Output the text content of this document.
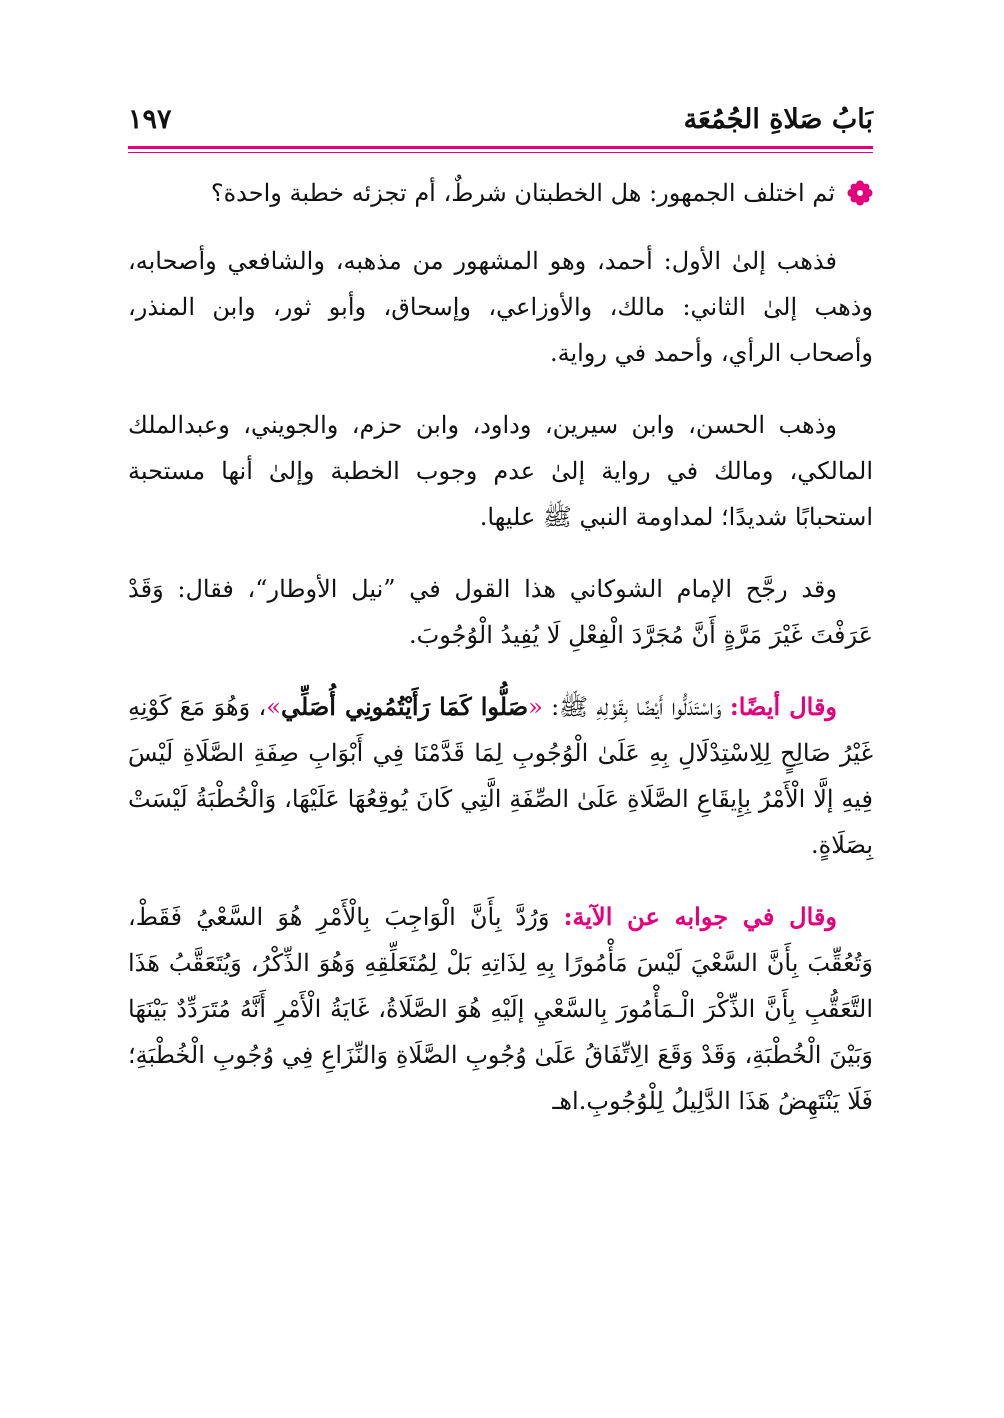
بَابُ صَلاةِ الجُمُعَة
١٩٧

ثم اختلف الجمهور: هل الخطبتان شرطٌ، أم تجزئه خطبة واحدة؟

فذهب إلىٰ الأول: أحمد، وهو المشهور من مذهبه، والشافعي وأصحابه، وذهب إلىٰ الثاني: مالك، والأوزاعي، وإسحاق، وأبو ثور، وابن المنذر، وأصحاب الرأي، وأحمد في رواية.

وذهب الحسن، وابن سيرين، وداود، وابن حزم، والجويني، وعبدالملك المالكي، ومالك في رواية إلىٰ عدم وجوب الخطبة وإلىٰ أنها مستحبة استحبابًا شديدًا؛ لمداومة النبي ﷺ عليها.

وقد رجَّح الإمام الشوكاني هذا القول في ”نيل الأوطار“، فقال: وَقَدْ عَرَفْتَ غَيْرَ مَرَّةٍ أَنَّ مُجَرَّدَ الْفِعْلِ لَا يُفِيدُ الْوُجُوبَ.

وقال أيضًا: وَاسْتَدَلُّوا أَيْضًا بِقَوْلِهِ ﷺ: «صَلُّوا كَمَا رَأَيْتُمُونِي أُصَلِّي»، وَهُوَ مَعَ كَوْنِهِ غَيْرُ صَالِحٍ لِلِاسْتِدْلَالِ بِهِ عَلَىٰ الْوُجُوبِ لِمَا قَدَّمْنَا فِي أَبْوَابِ صِفَةِ الصَّلَاةِ لَيْسَ فِيهِ إلَّا الْأَمْرُ بِإِيقَاعِ الصَّلَاةِ عَلَىٰ الصِّفَةِ الَّتِي كَانَ يُوقِعُهَا عَلَيْهَا، وَالْخُطْبَةُ لَيْسَتْ بِصَلَاةٍ.

وقال في جوابه عن الآية: وَرُدَّ بِأَنَّ الْوَاجِبَ بِالْأَمْرِ هُوَ السَّعْيُ فَقَطْ، وَتُعُقِّبَ بِأَنَّ السَّعْيَ لَيْسَ مَأْمُورًا بِهِ لِذَاتِهِ بَلْ لِمُتَعَلِّقِهِ وَهُوَ الذِّكْرُ، وَيُتَعَقَّبُ هَذَا التَّعَقُّبِ بِأَنَّ الذِّكْرَ الْـمَأْمُورَ بِالسَّعْيِ إلَيْهِ هُوَ الصَّلَاةُ، غَايَةُ الْأَمْرِ أَنَّهُ مُتَرَدِّدٌ بَيْنَهَا وَبَيْنَ الْخُطْبَةِ، وَقَدْ وَقَعَ الِاتِّفَاقُ عَلَىٰ وُجُوبِ الصَّلَاةِ وَالنِّزَاعِ فِي وُجُوبِ الْخُطْبَةِ؛ فَلَا يَنْتَهِضُ هَذَا الدَّلِيلُ لِلْوُجُوبِ.اهـ
